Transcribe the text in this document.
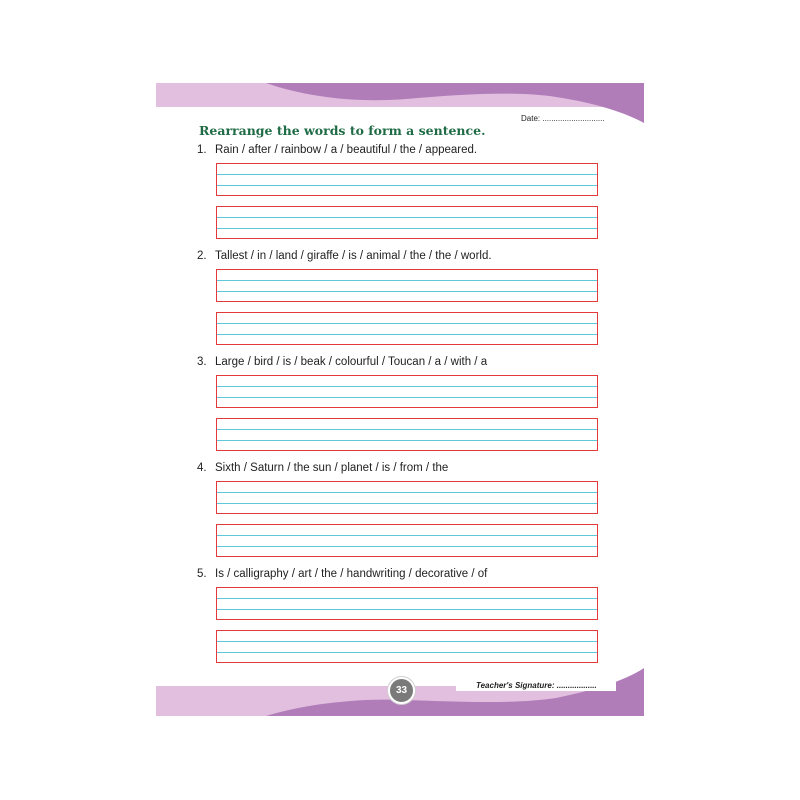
Date: ............................
Rearrange the words to form a sentence.
1. Rain / after / rainbow / a / beautiful / the / appeared.
2. Tallest / in / land / giraffe / is / animal / the / the / world.
3. Large / bird / is / beak / colourful / Toucan / a / with / a
4. Sixth / Saturn / the sun / planet / is / from / the
5. Is / calligraphy / art / the / handwriting / decorative / of
33	Teacher's Signature: ..................
